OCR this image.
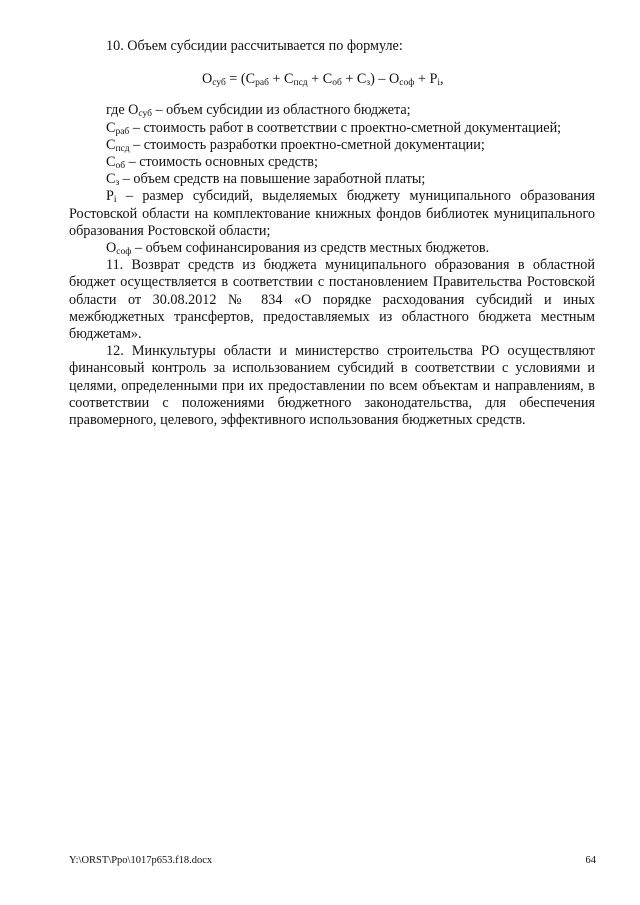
10. Объем субсидии рассчитывается по формуле:

$О_{суб} = (С_{раб} + С_{псд} + С_{об} + С_з) - О_{соф} + Р_i$,

где $О_{суб}$ – объем субсидии из областного бюджета;

$С_{раб}$ – стоимость работ в соответствии с проектно-сметной документацией;

$С_{псд}$ – стоимость разработки проектно-сметной документации;

$С_{об}$ – стоимость основных средств;

$С_з$ – объем средств на повышение заработной платы;

$Р_i$ – размер субсидий, выделяемых бюджету муниципального образования Ростовской области на комплектование книжных фондов библиотек муниципального образования Ростовской области;

$О_{соф}$ – объем софинансирования из средств местных бюджетов.

11. Возврат средств из бюджета муниципального образования в областной бюджет осуществляется в соответствии с постановлением Правительства Ростовской области от 30.08.2012 № 834 «О порядке расходования субсидий и иных межбюджетных трансфертов, предоставляемых из областного бюджета местным бюджетам».

12. Минкультуры области и министерство строительства РО осуществляют финансовый контроль за использованием субсидий в соответствии с условиями и целями, определенными при их предоставлении по всем объектам и направлениям, в соответствии с положениями бюджетного законодательства, для обеспечения правомерного, целевого, эффективного использования бюджетных средств.

Y:\ORST\Ppo\1017p653.f18.docx	64
